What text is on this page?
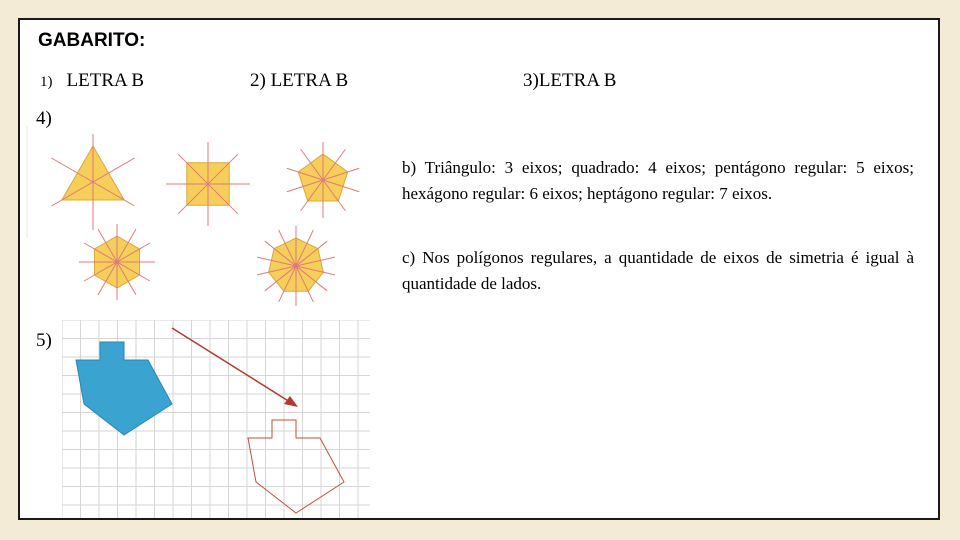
GABARITO:
1) LETRA B	2) LETRA B	3)LETRA B
4)
b) Triângulo: 3 eixos; quadrado: 4 eixos; pentágono regular: 5 eixos; hexágono regular: 6 eixos; heptágono regular: 7 eixos.
c) Nos polígonos regulares, a quantidade de eixos de simetria é igual à quantidade de lados.
5)
